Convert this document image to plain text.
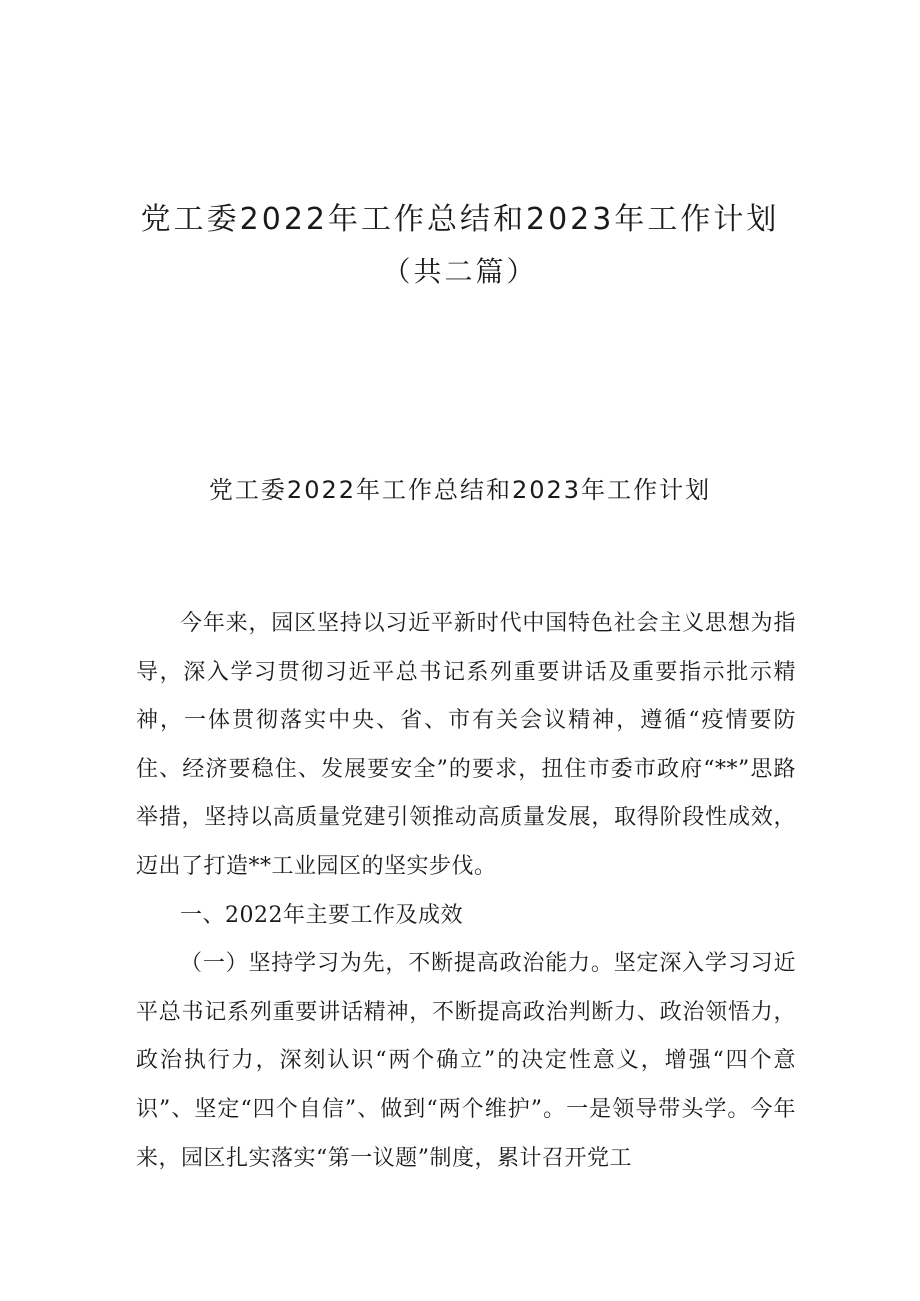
党工委2022年工作总结和2023年工作计划
（共二篇）
党工委2022年工作总结和2023年工作计划

今年来，园区坚持以习近平新时代中国特色社会主义思想为指导，深入学习贯彻习近平总书记系列重要讲话及重要指示批示精神，一体贯彻落实中央、省、市有关会议精神，遵循“疫情要防住、经济要稳住、发展要安全”的要求，扭住市委市政府“**”思路举措，坚持以高质量党建引领推动高质量发展，取得阶段性成效，迈出了打造**工业园区的坚实步伐。

一、2022年主要工作及成效

（一）坚持学习为先，不断提高政治能力。坚定深入学习习近平总书记系列重要讲话精神，不断提高政治判断力、政治领悟力，政治执行力，深刻认识“两个确立”的决定性意义，增强“四个意识”、坚定“四个自信”、做到“两个维护”。一是领导带头学。今年来，园区扎实落实“第一议题”制度，累计召开党工
